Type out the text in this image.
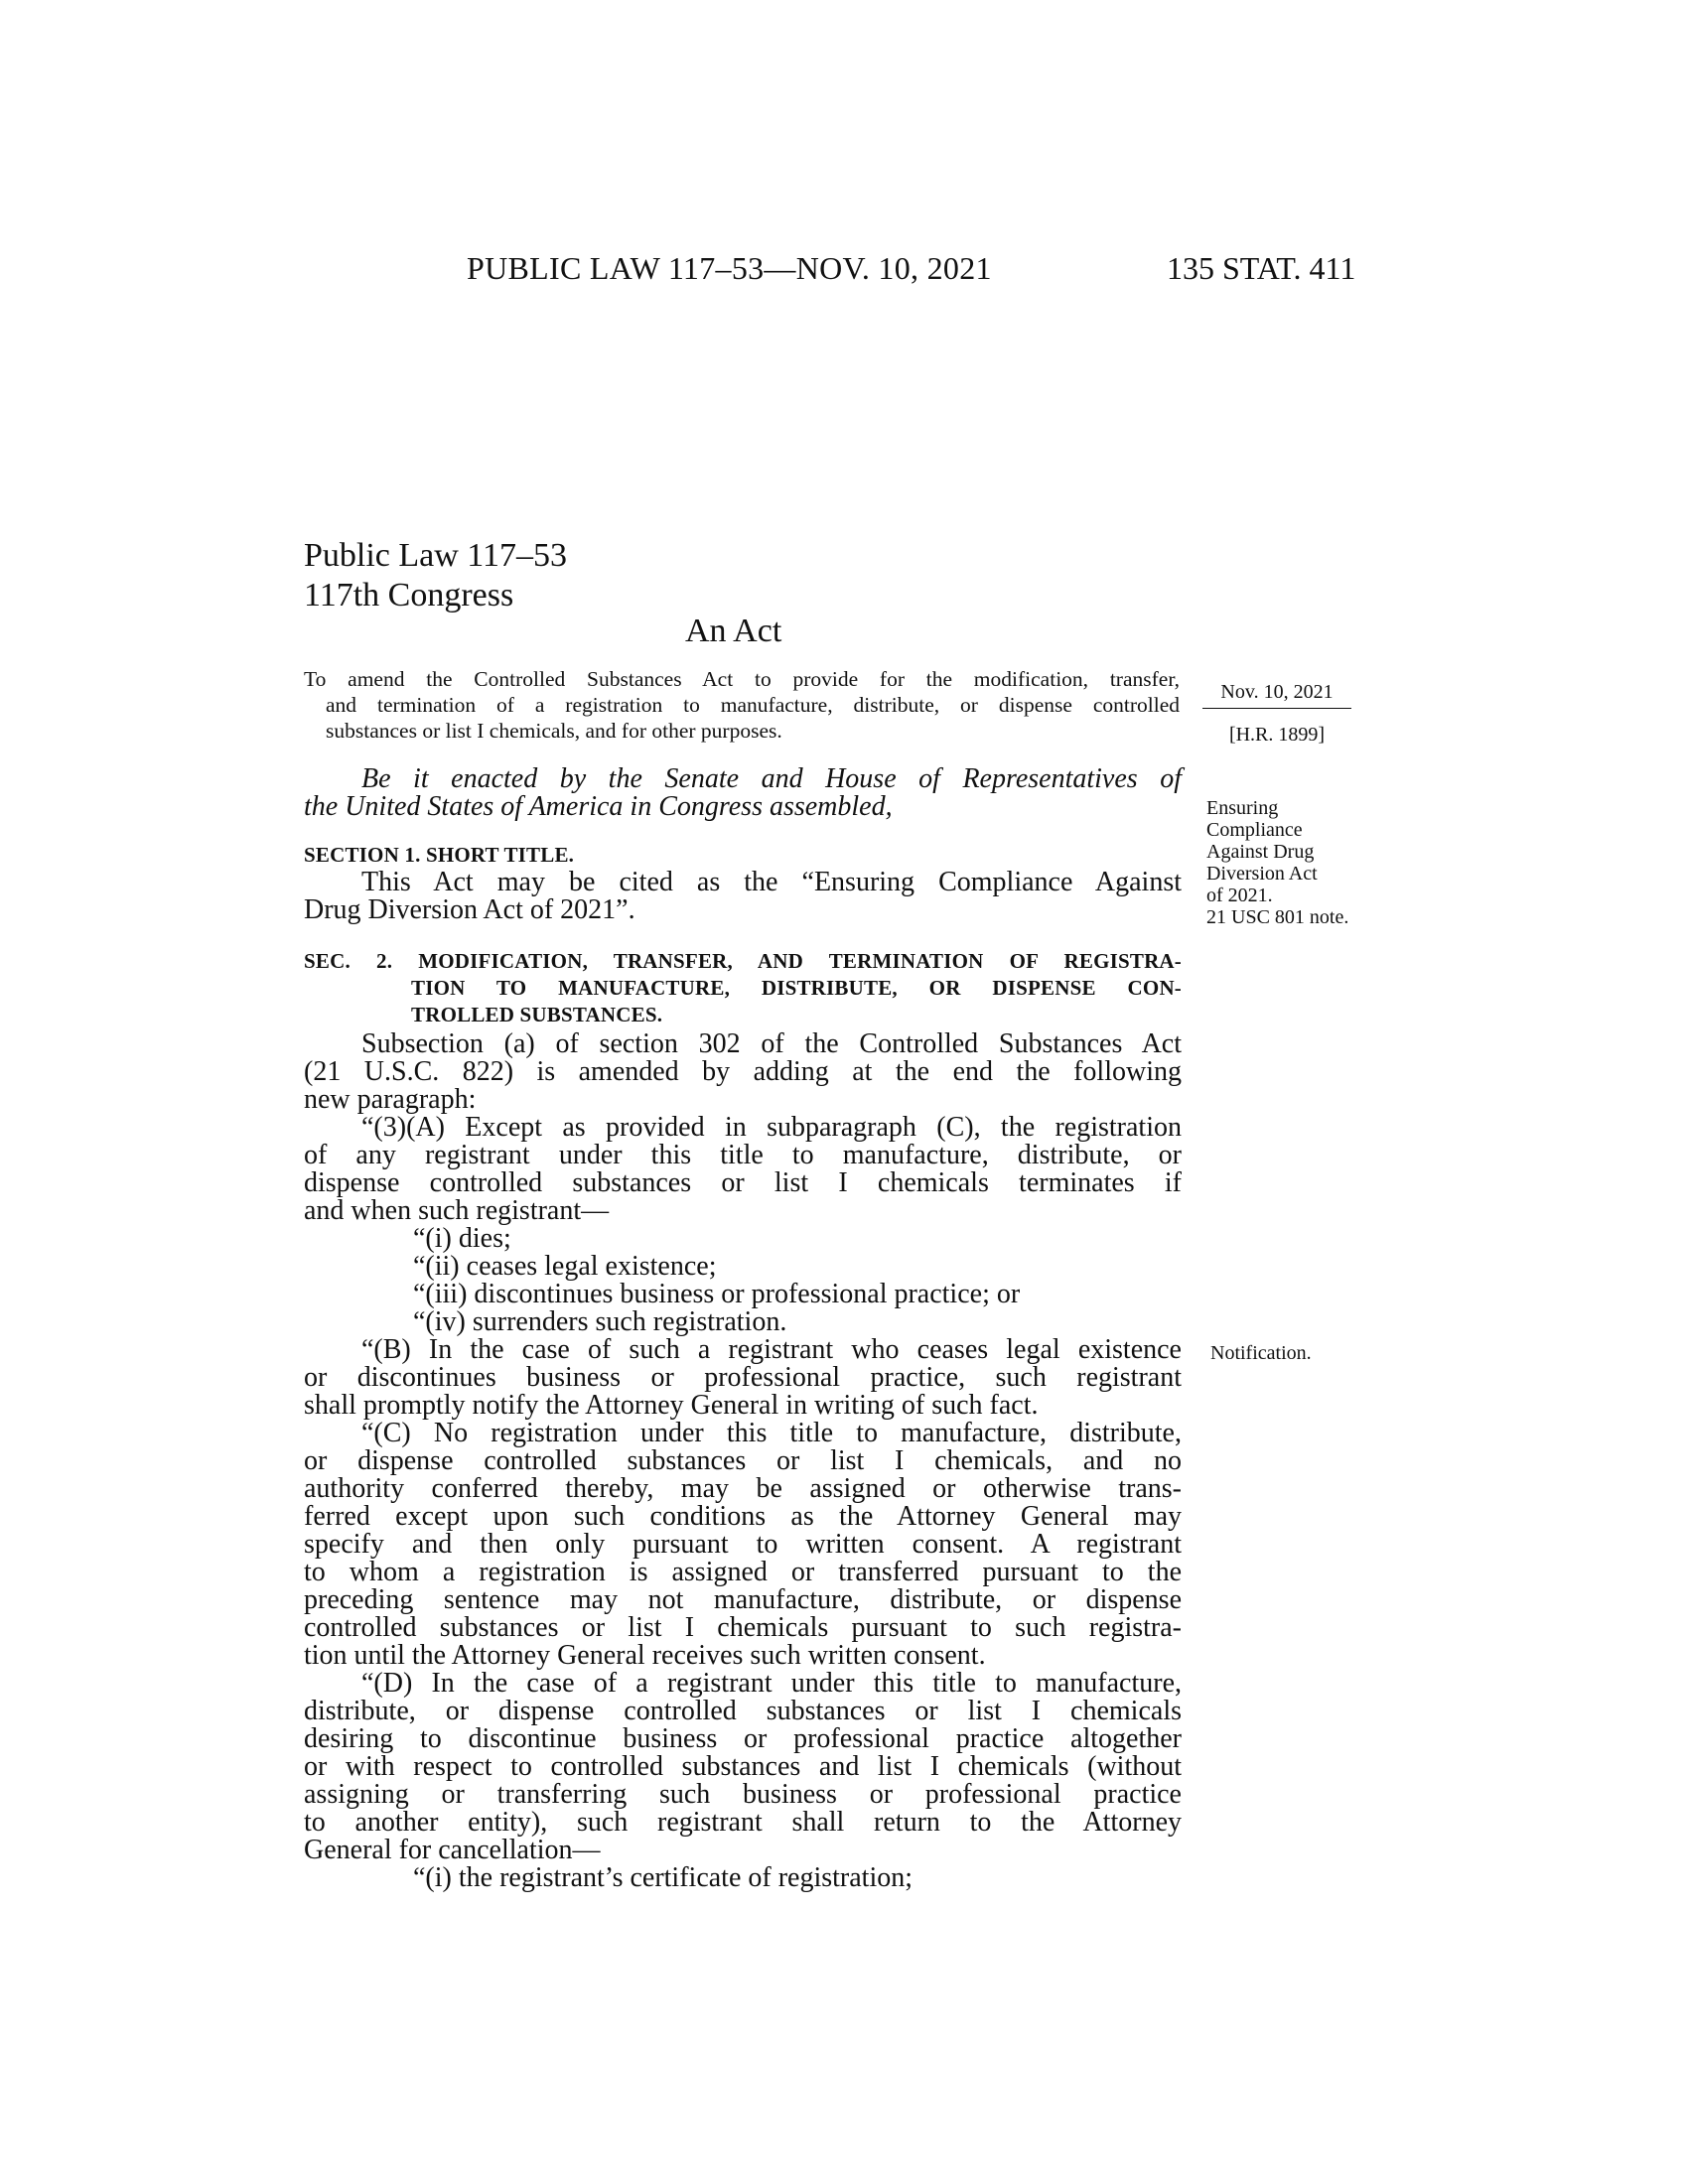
PUBLIC LAW 117–53—NOV. 10, 2021	135 STAT. 411
Public Law 117–53
117th Congress
An Act
To amend the Controlled Substances Act to provide for the modification, transfer,
and termination of a registration to manufacture, distribute, or dispense controlled
substances or list I chemicals, and for other purposes.
Nov. 10, 2021
[H.R. 1899]
Ensuring
Compliance
Against Drug
Diversion Act
of 2021.
21 USC 801 note.
Notification.
Be it enacted by the Senate and House of Representatives of
the United States of America in Congress assembled,
SECTION 1. SHORT TITLE.
This Act may be cited as the “Ensuring Compliance Against
Drug Diversion Act of 2021”.
SEC. 2. MODIFICATION, TRANSFER, AND TERMINATION OF REGISTRA-
TION TO MANUFACTURE, DISTRIBUTE, OR DISPENSE CON-
TROLLED SUBSTANCES.
Subsection (a) of section 302 of the Controlled Substances Act
(21 U.S.C. 822) is amended by adding at the end the following
new paragraph:
“(3)(A) Except as provided in subparagraph (C), the registration
of any registrant under this title to manufacture, distribute, or
dispense controlled substances or list I chemicals terminates if
and when such registrant—
“(i) dies;
“(ii) ceases legal existence;
“(iii) discontinues business or professional practice; or
“(iv) surrenders such registration.
“(B) In the case of such a registrant who ceases legal existence
or discontinues business or professional practice, such registrant
shall promptly notify the Attorney General in writing of such fact.
“(C) No registration under this title to manufacture, distribute,
or dispense controlled substances or list I chemicals, and no
authority conferred thereby, may be assigned or otherwise trans-
ferred except upon such conditions as the Attorney General may
specify and then only pursuant to written consent. A registrant
to whom a registration is assigned or transferred pursuant to the
preceding sentence may not manufacture, distribute, or dispense
controlled substances or list I chemicals pursuant to such registra-
tion until the Attorney General receives such written consent.
“(D) In the case of a registrant under this title to manufacture,
distribute, or dispense controlled substances or list I chemicals
desiring to discontinue business or professional practice altogether
or with respect to controlled substances and list I chemicals (without
assigning or transferring such business or professional practice
to another entity), such registrant shall return to the Attorney
General for cancellation—
“(i) the registrant’s certificate of registration;
